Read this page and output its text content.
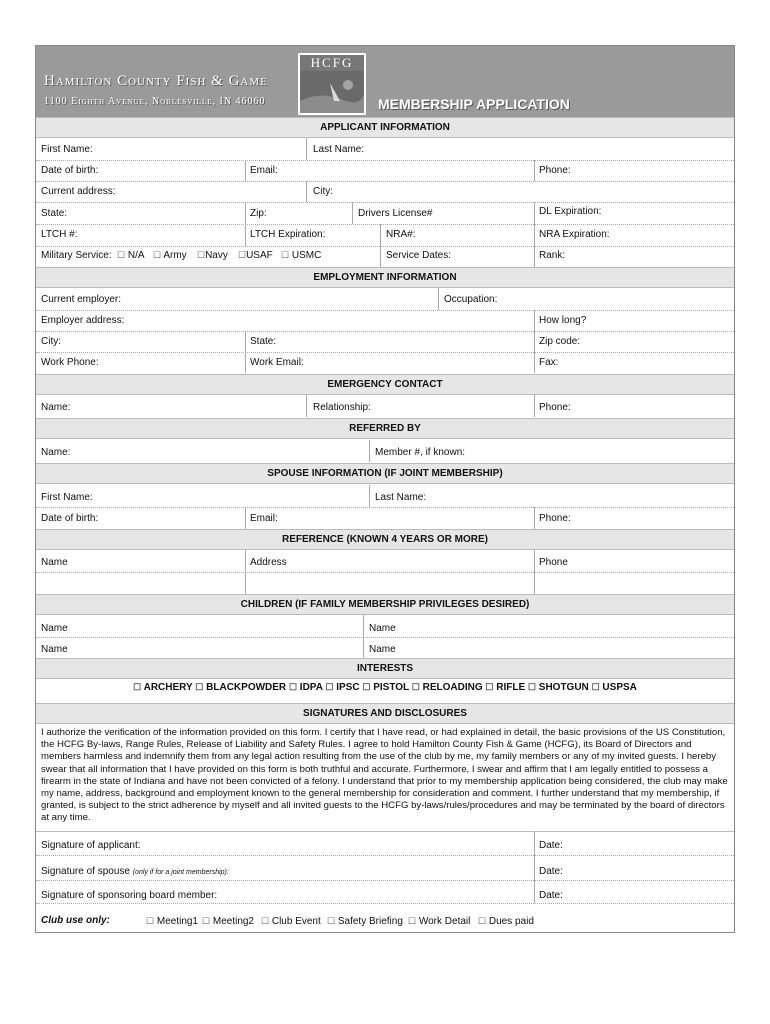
Hamilton County Fish & Game
1100 Eighth Avenue, Noblesville, IN 46060
HCFG
MEMBERSHIP APPLICATION
APPLICANT INFORMATION
First Name:	Last Name:
Date of birth:	Email:	Phone:
Current address:	City:
State:	Zip:	Drivers License#	DL Expiration:
LTCH #:	LTCH Expiration:	NRA#:	NRA Expiration:
Military Service: ☐ N/A ☐ Army ☐Navy ☐USAF ☐ USMC	Service Dates:	Rank:
EMPLOYMENT INFORMATION
Current employer:	Occupation:
Employer address:	How long?
City:	State:	Zip code:
Work Phone:	Work Email:	Fax:
EMERGENCY CONTACT
Name:	Relationship:	Phone:
REFERRED BY
Name:	Member #, if known:
SPOUSE INFORMATION (IF JOINT MEMBERSHIP)
First Name:	Last Name:
Date of birth:	Email:	Phone:
REFERENCE (KNOWN 4 YEARS OR MORE)
Name	Address	Phone
CHILDREN (IF FAMILY MEMBERSHIP PRIVILEGES DESIRED)
Name	Name
Name	Name
INTERESTS
☐ ARCHERY ☐ BLACKPOWDER ☐ IDPA ☐ IPSC ☐ PISTOL ☐ RELOADING ☐ RIFLE ☐ SHOTGUN ☐ USPSA
SIGNATURES AND DISCLOSURES
I authorize the verification of the information provided on this form. I certify that I have read, or had explained in detail, the basic provisions of the US Constitution, the HCFG By-laws, Range Rules, Release of Liability and Safety Rules. I agree to hold Hamilton County Fish & Game (HCFG), its Board of Directors and members harmless and indemnify them from any legal action resulting from the use of the club by me, my family members or any of my invited guests. I hereby swear that all information that I have provided on this form is both truthful and accurate. Furthermore, I swear and affirm that I am legally entitled to possess a firearm in the state of Indiana and have not been convicted of a felony. I understand that prior to my membership application being considered, the club may make my name, address, background and employment known to the general membership for consideration and comment. I further understand that my membership, if granted, is subject to the strict adherence by myself and all invited guests to the HCFG by-laws/rules/procedures and may be terminated by the board of directors at any time.
Signature of applicant:	Date:
Signature of spouse (only if for a joint membership):	Date:
Signature of sponsoring board member:	Date:
Club use only:	☐ Meeting1 ☐ Meeting2 ☐ Club Event ☐ Safety Briefing ☐ Work Detail ☐ Dues paid
